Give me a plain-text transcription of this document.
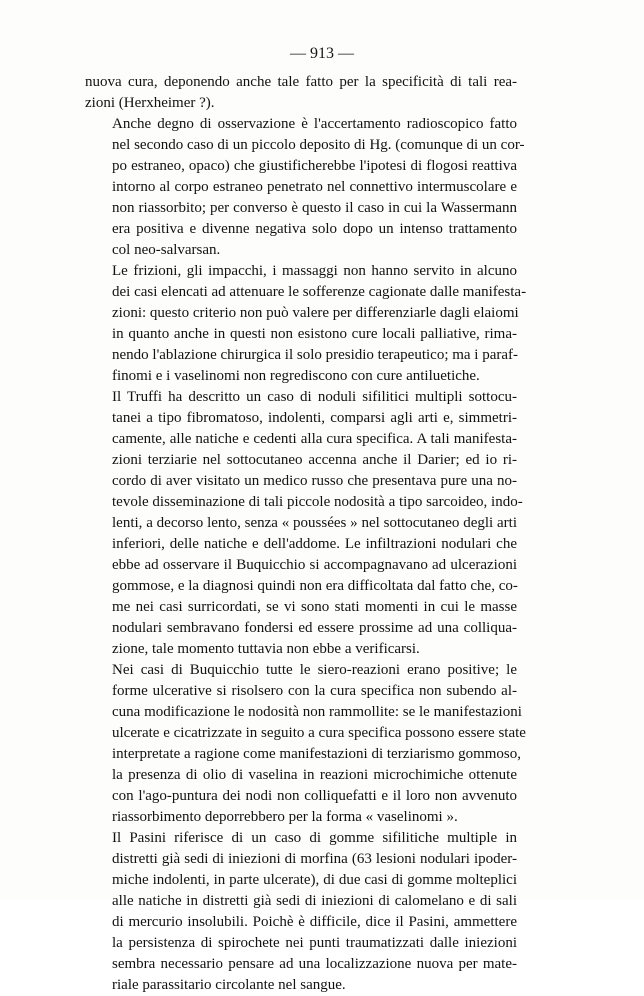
— 913 —

nuova cura, deponendo anche tale fatto per la specificità di tali rea-
zioni (Herxheimer ?).

Anche degno di osservazione è l'accertamento radioscopico fatto
nel secondo caso di un piccolo deposito di Hg. (comunque di un cor-
po estraneo, opaco) che giustificherebbe l'ipotesi di flogosi reattiva
intorno al corpo estraneo penetrato nel connettivo intermuscolare e
non riassorbito; per converso è questo il caso in cui la Wassermann
era positiva e divenne negativa solo dopo un intenso trattamento
col neo-salvarsan.

Le frizioni, gli impacchi, i massaggi non hanno servito in alcuno
dei casi elencati ad attenuare le sofferenze cagionate dalle manifesta-
zioni: questo criterio non può valere per differenziarle dagli elaiomi
in quanto anche in questi non esistono cure locali palliative, rima-
nendo l'ablazione chirurgica il solo presidio terapeutico; ma i paraf-
finomi e i vaselinomi non regrediscono con cure antiluetiche.

Il Truffi ha descritto un caso di noduli sifilitici multipli sottocu-
tanei a tipo fibromatoso, indolenti, comparsi agli arti e, simmetri-
camente, alle natiche e cedenti alla cura specifica. A tali manifesta-
zioni terziarie nel sottocutaneo accenna anche il Darier; ed io ri-
cordo di aver visitato un medico russo che presentava pure una no-
tevole disseminazione di tali piccole nodosità a tipo sarcoideo, indo-
lenti, a decorso lento, senza « poussées » nel sottocutaneo degli arti
inferiori, delle natiche e dell'addome. Le infiltrazioni nodulari che
ebbe ad osservare il Buquicchio si accompagnavano ad ulcerazioni
gommose, e la diagnosi quindi non era difficoltata dal fatto che, co-
me nei casi surricordati, se vi sono stati momenti in cui le masse
nodulari sembravano fondersi ed essere prossime ad una colliqua-
zione, tale momento tuttavia non ebbe a verificarsi.

Nei casi di Buquicchio tutte le siero-reazioni erano positive; le
forme ulcerative si risolsero con la cura specifica non subendo al-
cuna modificazione le nodosità non rammollite: se le manifestazioni
ulcerate e cicatrizzate in seguito a cura specifica possono essere state
interpretate a ragione come manifestazioni di terziarismo gommoso,
la presenza di olio di vaselina in reazioni microchimiche ottenute
con l'ago-puntura dei nodi non colliquefatti e il loro non avvenuto
riassorbimento deporrebbero per la forma « vaselinomi ».

Il Pasini riferisce di un caso di gomme sifilitiche multiple in
distretti già sedi di iniezioni di morfina (63 lesioni nodulari ipoder-
miche indolenti, in parte ulcerate), di due casi di gomme molteplici
alle natiche in distretti già sedi di iniezioni di calomelano e di sali
di mercurio insolubili. Poichè è difficile, dice il Pasini, ammettere
la persistenza di spirochete nei punti traumatizzati dalle iniezioni
sembra necessario pensare ad una localizzazione nuova per mate-
riale parassitario circolante nel sangue.
